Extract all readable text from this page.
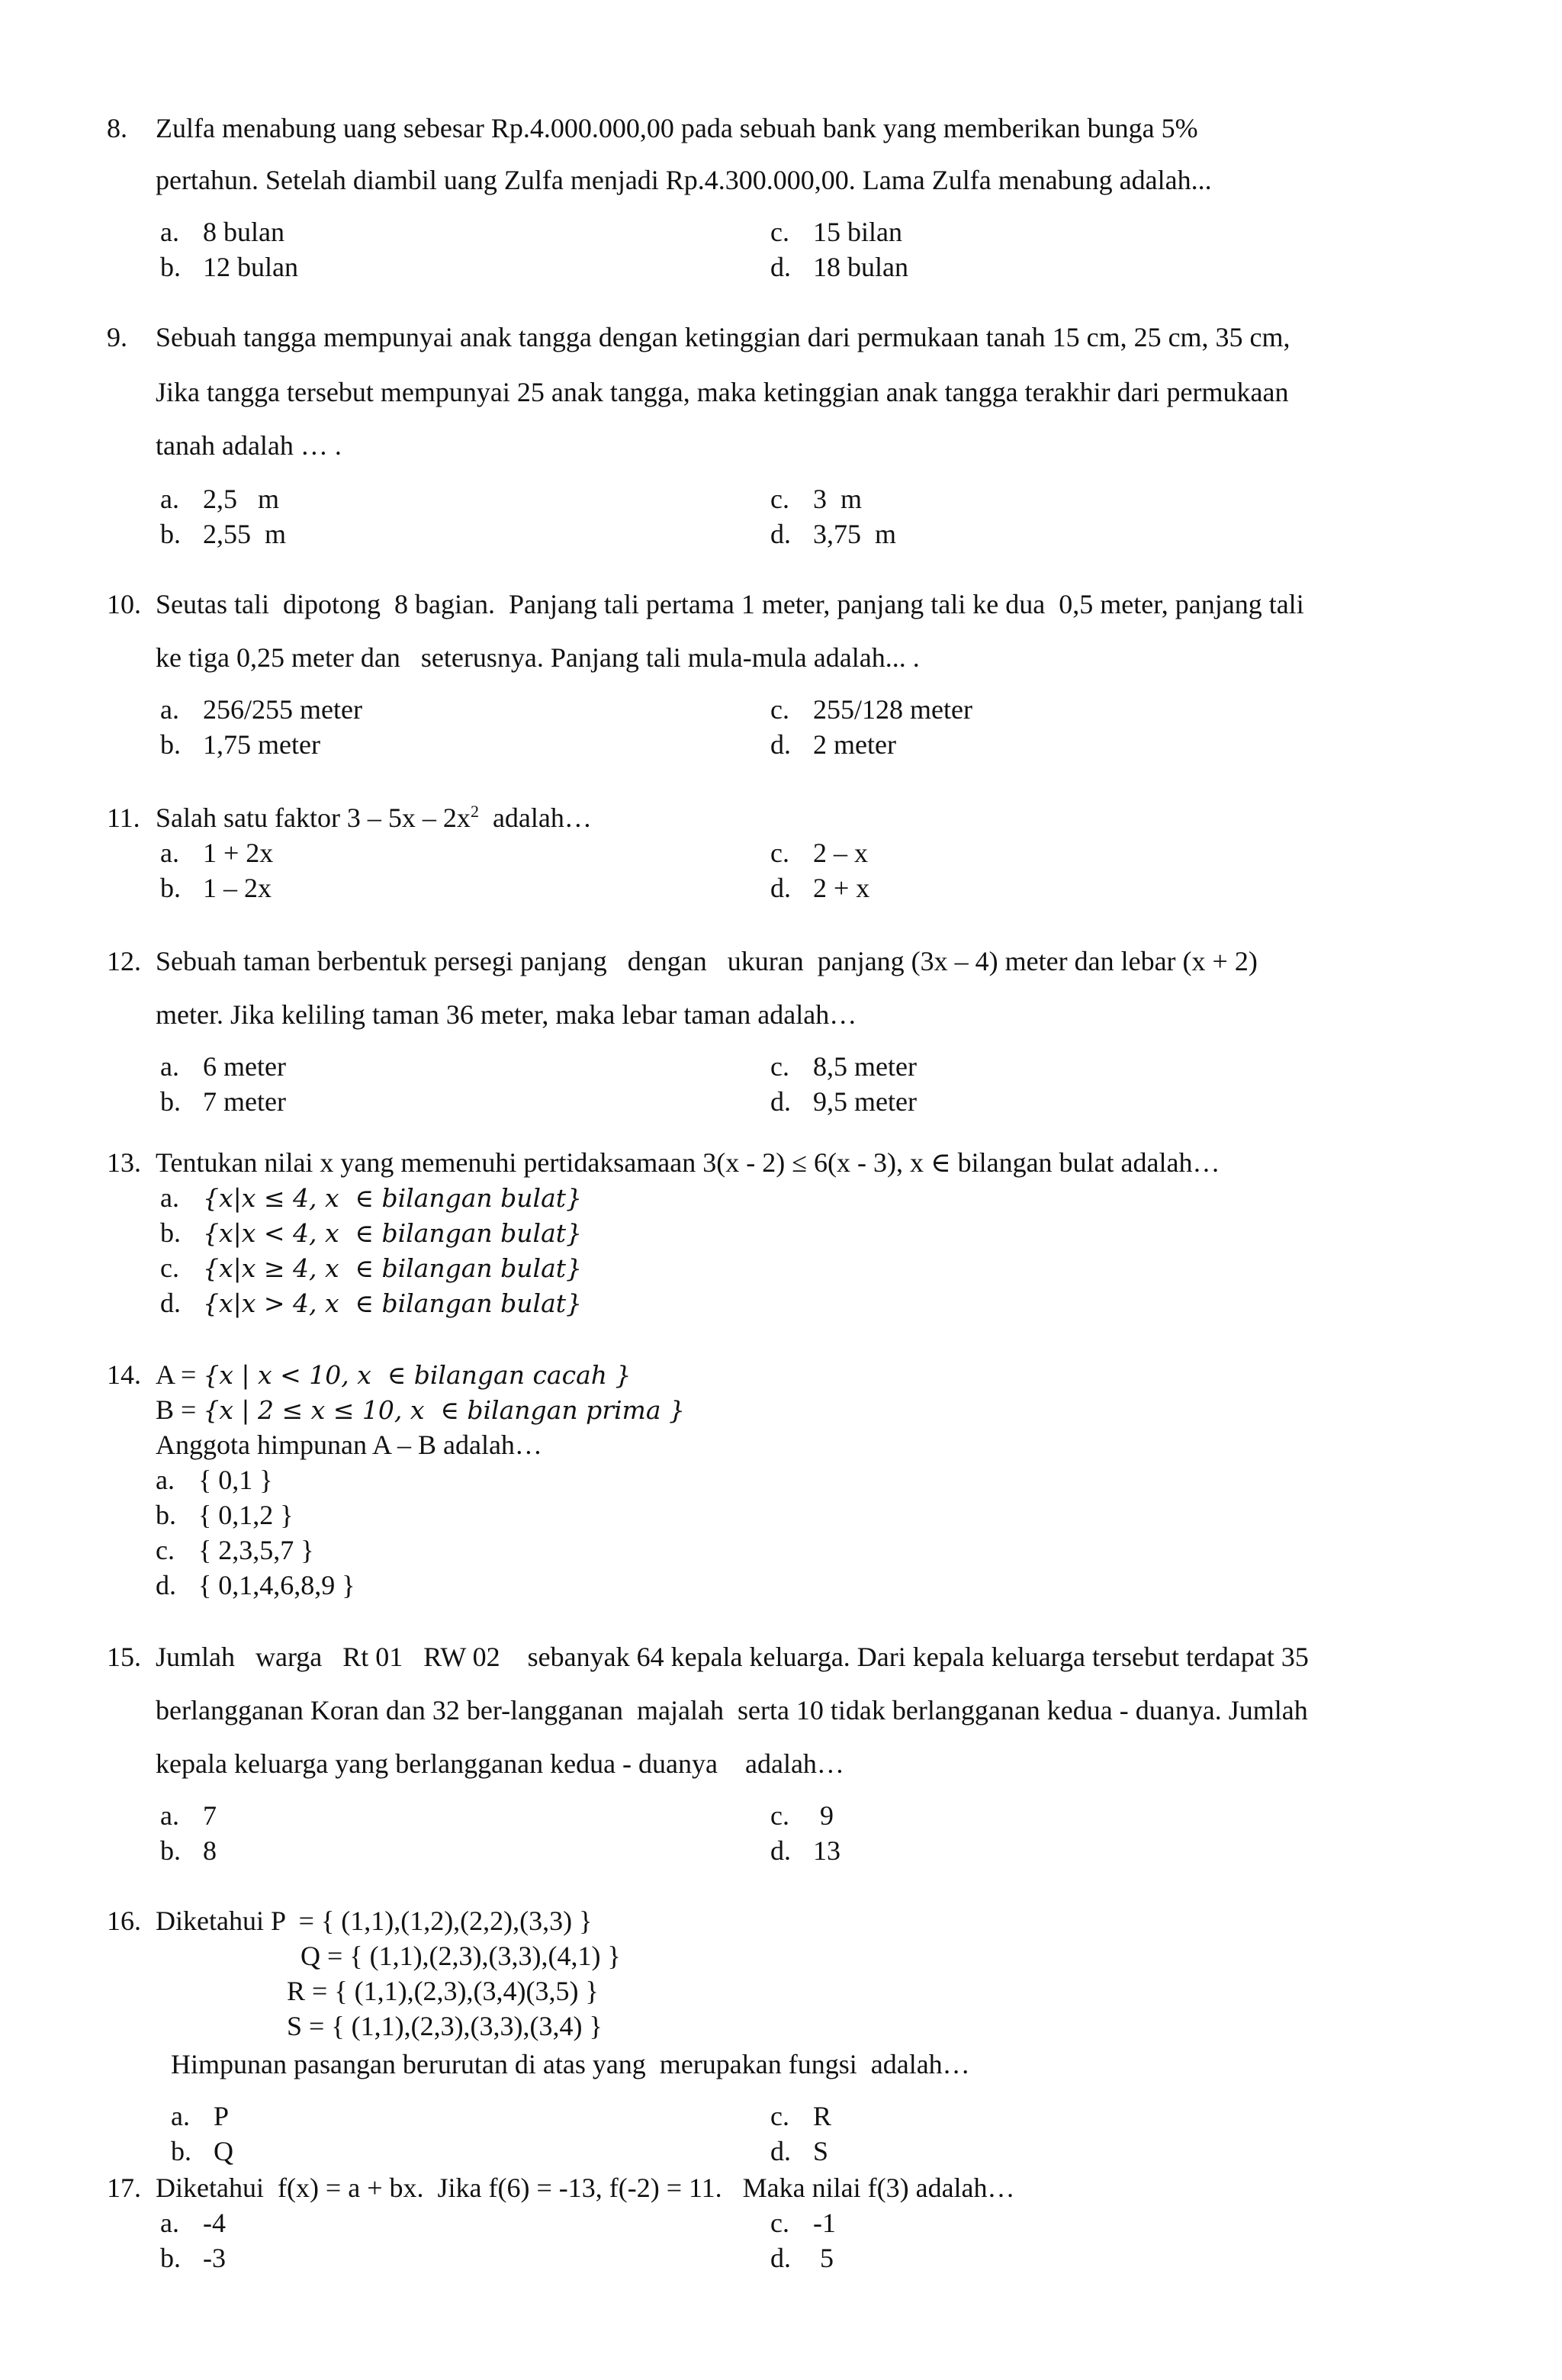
8. Zulfa menabung uang sebesar Rp.4.000.000,00 pada sebuah bank yang memberikan bunga 5%
pertahun. Setelah diambil uang Zulfa menjadi Rp.4.300.000,00. Lama Zulfa menabung adalah...
a. 8 bulan
b. 12 bulan
c. 15 bilan
d. 18 bulan
9. Sebuah tangga mempunyai anak tangga dengan ketinggian dari permukaan tanah 15 cm, 25 cm, 35 cm,
Jika tangga tersebut mempunyai 25 anak tangga, maka ketinggian anak tangga terakhir dari permukaan
tanah adalah … .
a. 2,5   m
b. 2,55  m
c. 3  m
d. 3,75  m
10. Seutas tali  dipotong  8 bagian.  Panjang tali pertama 1 meter, panjang tali ke dua  0,5 meter, panjang tali
ke tiga 0,25 meter dan   seterusnya. Panjang tali mula-mula adalah... .
a. 256/255 meter
b. 1,75 meter
c. 255/128 meter
d. 2 meter
11. Salah satu faktor $3 - 5x - 2x^2$  adalah…
a. 1 + 2x
b. 1 – 2x
c. 2 – x
d. 2 + x
12. Sebuah taman berbentuk persegi panjang   dengan   ukuran  panjang (3x – 4) meter dan lebar (x + 2)
meter. Jika keliling taman 36 meter, maka lebar taman adalah…
a. 6 meter
b. 7 meter
c. 8,5 meter
d. 9,5 meter
13. Tentukan nilai x yang memenuhi pertidaksamaan 3(x - 2) ≤ 6(x - 3), x ∈ bilangan bulat adalah…
a. {x|x ≤ 4, x  ∈ bilangan bulat}
b. {x|x < 4, x  ∈ bilangan bulat}
c. {x|x ≥ 4, x  ∈ bilangan bulat}
d. {x|x > 4, x  ∈ bilangan bulat}
14. A = {x | x < 10, x  ∈ bilangan cacah }
B = {x | 2 ≤ x ≤ 10, x  ∈ bilangan prima }
Anggota himpunan A – B adalah…
a. { 0,1 }
b. { 0,1,2 }
c. { 2,3,5,7 }
d. { 0,1,4,6,8,9 }
15. Jumlah   warga   Rt 01   RW 02    sebanyak 64 kepala keluarga. Dari kepala keluarga tersebut terdapat 35
berlangganan Koran dan 32 ber-langganan  majalah  serta 10 tidak berlangganan kedua - duanya. Jumlah
kepala keluarga yang berlangganan kedua - duanya    adalah…
a. 7
b. 8
c. 9
d. 13
16. Diketahui P  = { (1,1),(1,2),(2,2),(3,3) }
Q = { (1,1),(2,3),(3,3),(4,1) }
R = { (1,1),(2,3),(3,4)(3,5) }
S = { (1,1),(2,3),(3,3),(3,4) }
Himpunan pasangan berurutan di atas yang  merupakan fungsi  adalah…
a. P
b. Q
c. R
d. S
17. Diketahui  f(x) = a + bx.  Jika f(6) = -13, f(-2) = 11.   Maka nilai f(3) adalah…
a. -4
b. -3
c. -1
d. 5
